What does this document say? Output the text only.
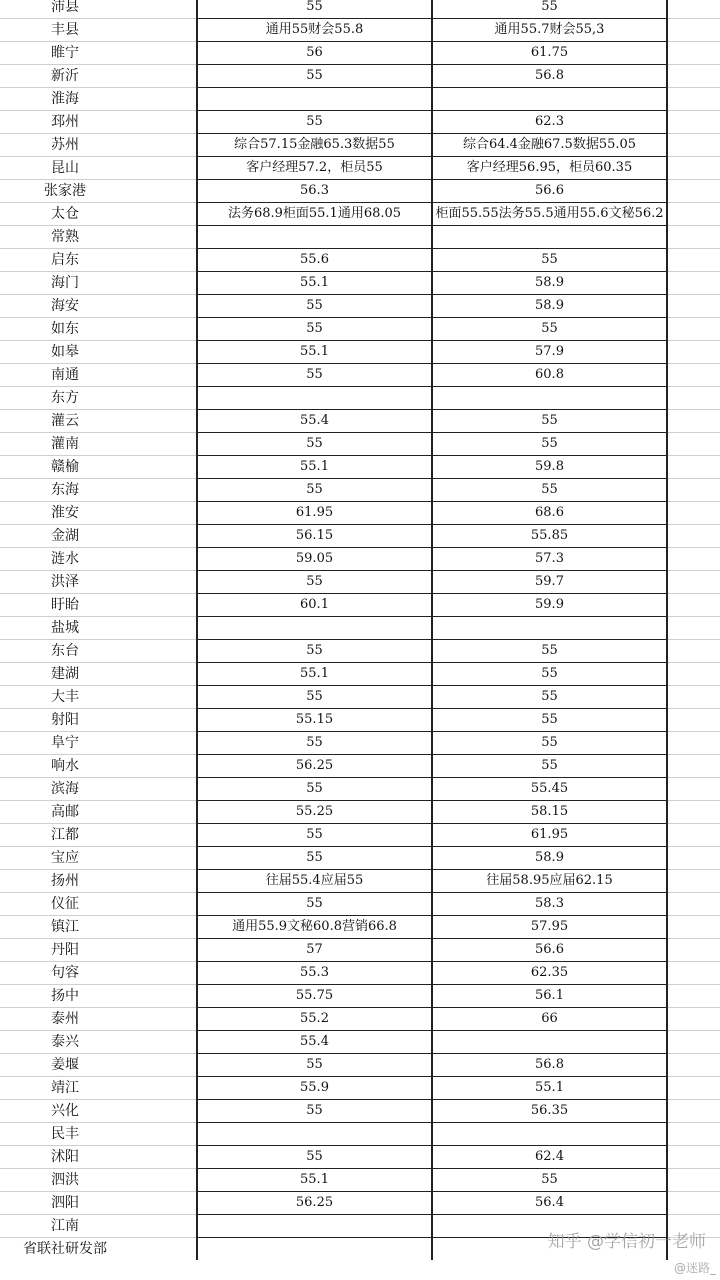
沛县		55	55	
丰县		通用55财会55.8	通用55.7财会55,3	
睢宁		56	61.75	
新沂		55	56.8	
淮海				
邳州		55	62.3	
苏州		综合57.15金融65.3数据55	综合64.4金融67.5数据55.05	
昆山		客户经理57.2，柜员55	客户经理56.95，柜员60.35	
张家港		56.3	56.6	
太仓		法务68.9柜面55.1通用68.05	柜面55.55法务55.5通用55.6文秘56.2	
常熟				
启东		55.6	55	
海门		55.1	58.9	
海安		55	58.9	
如东		55	55	
如皋		55.1	57.9	
南通		55	60.8	
东方				
灌云		55.4	55	
灌南		55	55	
赣榆		55.1	59.8	
东海		55	55	
淮安		61.95	68.6	
金湖		56.15	55.85	
涟水		59.05	57.3	
洪泽		55	59.7	
盱眙		60.1	59.9	
盐城				
东台		55	55	
建湖		55.1	55	
大丰		55	55	
射阳		55.15	55	
阜宁		55	55	
响水		56.25	55	
滨海		55	55.45	
高邮		55.25	58.15	
江都		55	61.95	
宝应		55	58.9	
扬州		往届55.4应届55	往届58.95应届62.15	
仪征		55	58.3	
镇江		通用55.9文秘60.8营销66.8	57.95	
丹阳		57	56.6	
句容		55.3	62.35	
扬中		55.75	56.1	
泰州		55.2	66	
泰兴		55.4		
姜堰		55	56.8	
靖江		55.9	55.1	
兴化		55	56.35	
民丰				
沭阳		55	62.4	
泗洪		55.1	55	
泗阳		56.25	56.4	
江南				
省联社研发部					知乎 @学信初一老师
@迷路_
